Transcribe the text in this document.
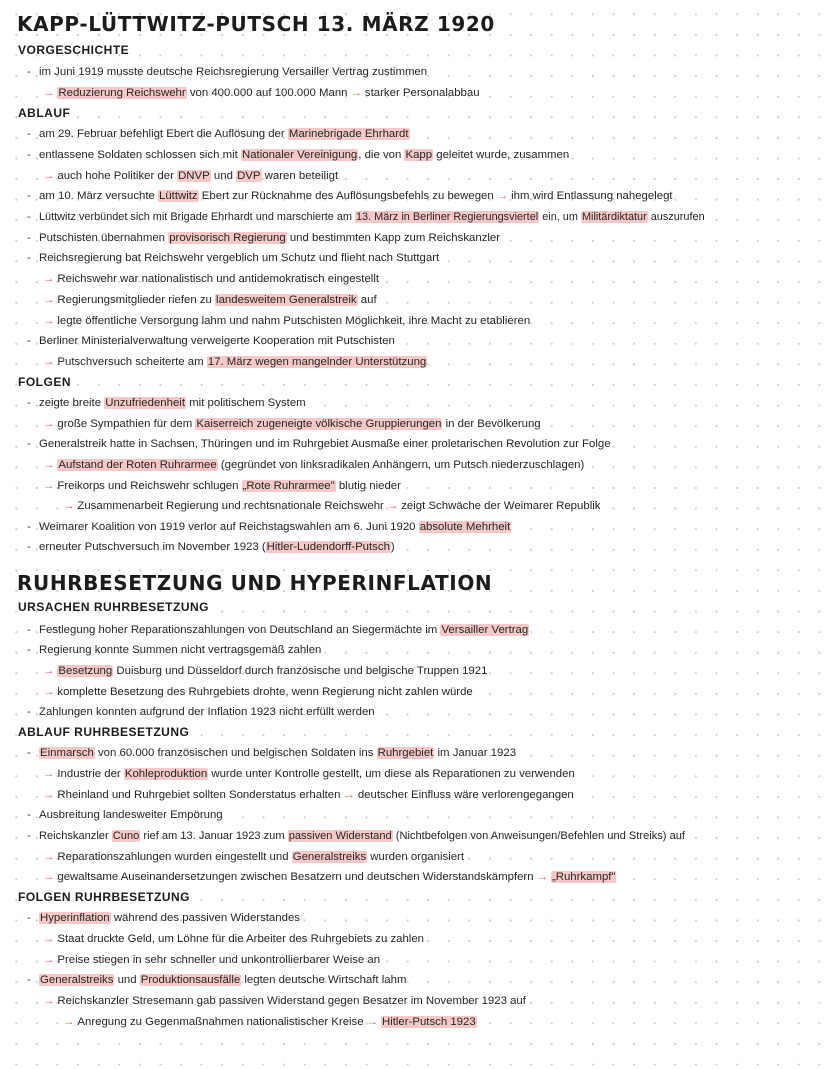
KAPP-LÜTTWITZ-PUTSCH 13. MÄRZ 1920
VORGESCHICHTE
- im Juni 1919 musste deutsche Reichsregierung Versailler Vertrag zustimmen
→ Reduzierung Reichswehr von 400.000 auf 100.000 Mann → starker Personalabbau
ABLAUF
- am 29. Februar befehligt Ebert die Auflösung der Marinebrigade Ehrhardt
- entlassene Soldaten schlossen sich mit Nationaler Vereinigung, die von Kapp geleitet wurde, zusammen
→ auch hohe Politiker der DNVP und DVP waren beteiligt
- am 10. März versuchte Lüttwitz Ebert zur Rücknahme des Auflösungsbefehls zu bewegen → ihm wird Entlassung nahegelegt
- Lüttwitz verbündet sich mit Brigade Ehrhardt und marschierte am 13. März in Berliner Regierungsviertel ein, um Militärdiktatur auszurufen
- Putschisten übernahmen provisorisch Regierung und bestimmten Kapp zum Reichskanzler
- Reichsregierung bat Reichswehr vergeblich um Schutz und flieht nach Stuttgart
→ Reichswehr war nationalistisch und antidemokratisch eingestellt
→ Regierungsmitglieder riefen zu landesweitem Generalstreik auf
→ legte öffentliche Versorgung lahm und nahm Putschisten Möglichkeit, ihre Macht zu etablieren
- Berliner Ministerialverwaltung verweigerte Kooperation mit Putschisten
→ Putschversuch scheiterte am 17. März wegen mangelnder Unterstützung
FOLGEN
- zeigte breite Unzufriedenheit mit politischem System
→ große Sympathien für dem Kaiserreich zugeneigte völkische Gruppierungen in der Bevölkerung
- Generalstreik hatte in Sachsen, Thüringen und im Ruhrgebiet Ausmaße einer proletarischen Revolution zur Folge
→ Aufstand der Roten Ruhrarmee (gegründet von linksradikalen Anhängern, um Putsch niederzuschlagen)
→ Freikorps und Reichswehr schlugen „Rote Ruhrarmee" blutig nieder
→ Zusammenarbeit Regierung und rechtsnationale Reichswehr → zeigt Schwäche der Weimarer Republik
- Weimarer Koalition von 1919 verlor auf Reichstagswahlen am 6. Juni 1920 absolute Mehrheit
- erneuter Putschversuch im November 1923 (Hitler-Ludendorff-Putsch)
RUHRBESETZUNG UND HYPERINFLATION
URSACHEN RUHRBESETZUNG
- Festlegung hoher Reparationszahlungen von Deutschland an Siegermächte im Versailler Vertrag
- Regierung konnte Summen nicht vertragsgemäß zahlen
→ Besetzung Duisburg und Düsseldorf durch französische und belgische Truppen 1921
→ komplette Besetzung des Ruhrgebiets drohte, wenn Regierung nicht zahlen würde
- Zahlungen konnten aufgrund der Inflation 1923 nicht erfüllt werden
ABLAUF RUHRBESETZUNG
- Einmarsch von 60.000 französischen und belgischen Soldaten ins Ruhrgebiet im Januar 1923
→ Industrie der Kohleproduktion wurde unter Kontrolle gestellt, um diese als Reparationen zu verwenden
→ Rheinland und Ruhrgebiet sollten Sonderstatus erhalten → deutscher Einfluss wäre verlorengegangen
- Ausbreitung landesweiter Empörung
- Reichskanzler Cuno rief am 13. Januar 1923 zum passiven Widerstand (Nichtbefolgen von Anweisungen/Befehlen und Streiks) auf
→ Reparationszahlungen wurden eingestellt und Generalstreiks wurden organisiert
→ gewaltsame Auseinandersetzungen zwischen Besatzern und deutschen Widerstandskämpfern → „Ruhrkampf"
FOLGEN RUHRBESETZUNG
- Hyperinflation während des passiven Widerstandes
→ Staat druckte Geld, um Löhne für die Arbeiter des Ruhrgebiets zu zahlen
→ Preise stiegen in sehr schneller und unkontrollierbarer Weise an
- Generalstreiks und Produktionsausfälle legten deutsche Wirtschaft lahm
→ Reichskanzler Stresemann gab passiven Widerstand gegen Besatzer im November 1923 auf
→ Anregung zu Gegenmaßnahmen nationalistischer Kreise → Hitler-Putsch 1923
